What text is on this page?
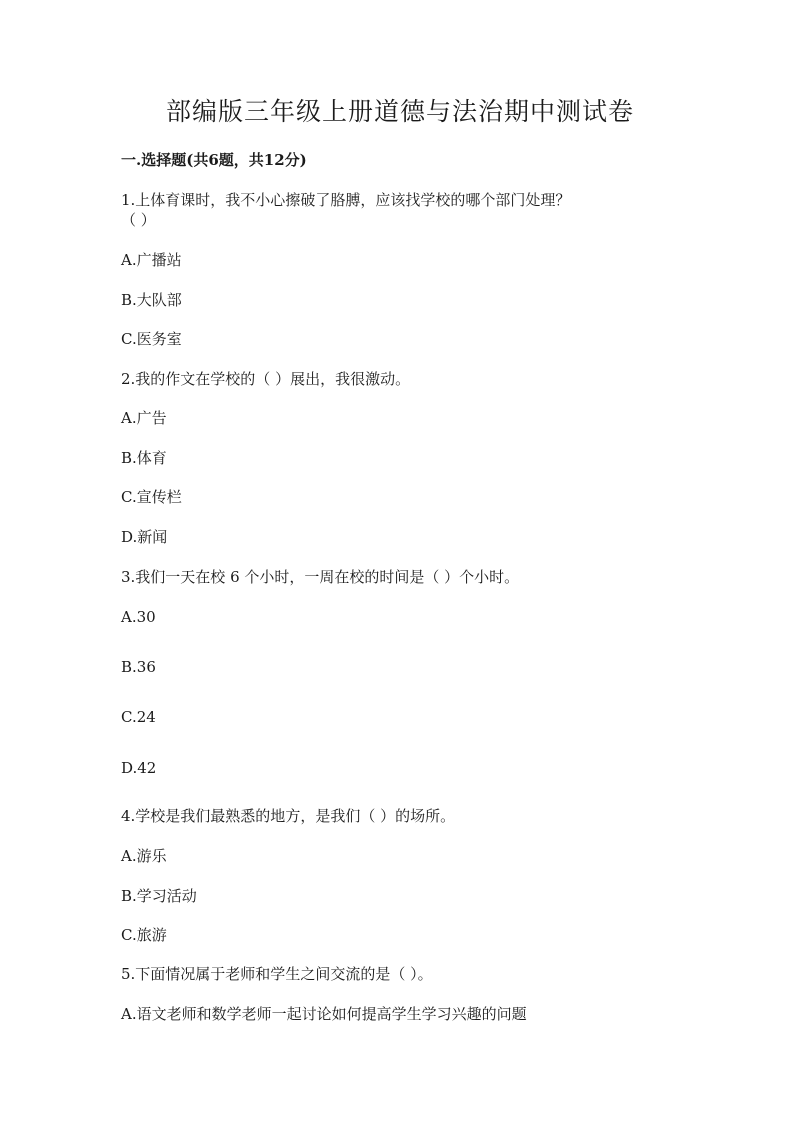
部编版三年级上册道德与法治期中测试卷
一.选择题(共6题，共12分)
1.上体育课时，我不小心擦破了胳膊，应该找学校的哪个部门处理？
（ ）
A.广播站
B.大队部
C.医务室
2.我的作文在学校的（ ）展出，我很激动。
A.广告
B.体育
C.宣传栏
D.新闻
3.我们一天在校 6 个小时，一周在校的时间是（ ）个小时。
A.30
B.36
C.24
D.42
4.学校是我们最熟悉的地方，是我们（ ）的场所。
A.游乐
B.学习活动
C.旅游
5.下面情况属于老师和学生之间交流的是（ ）。
A.语文老师和数学老师一起讨论如何提高学生学习兴趣的问题
